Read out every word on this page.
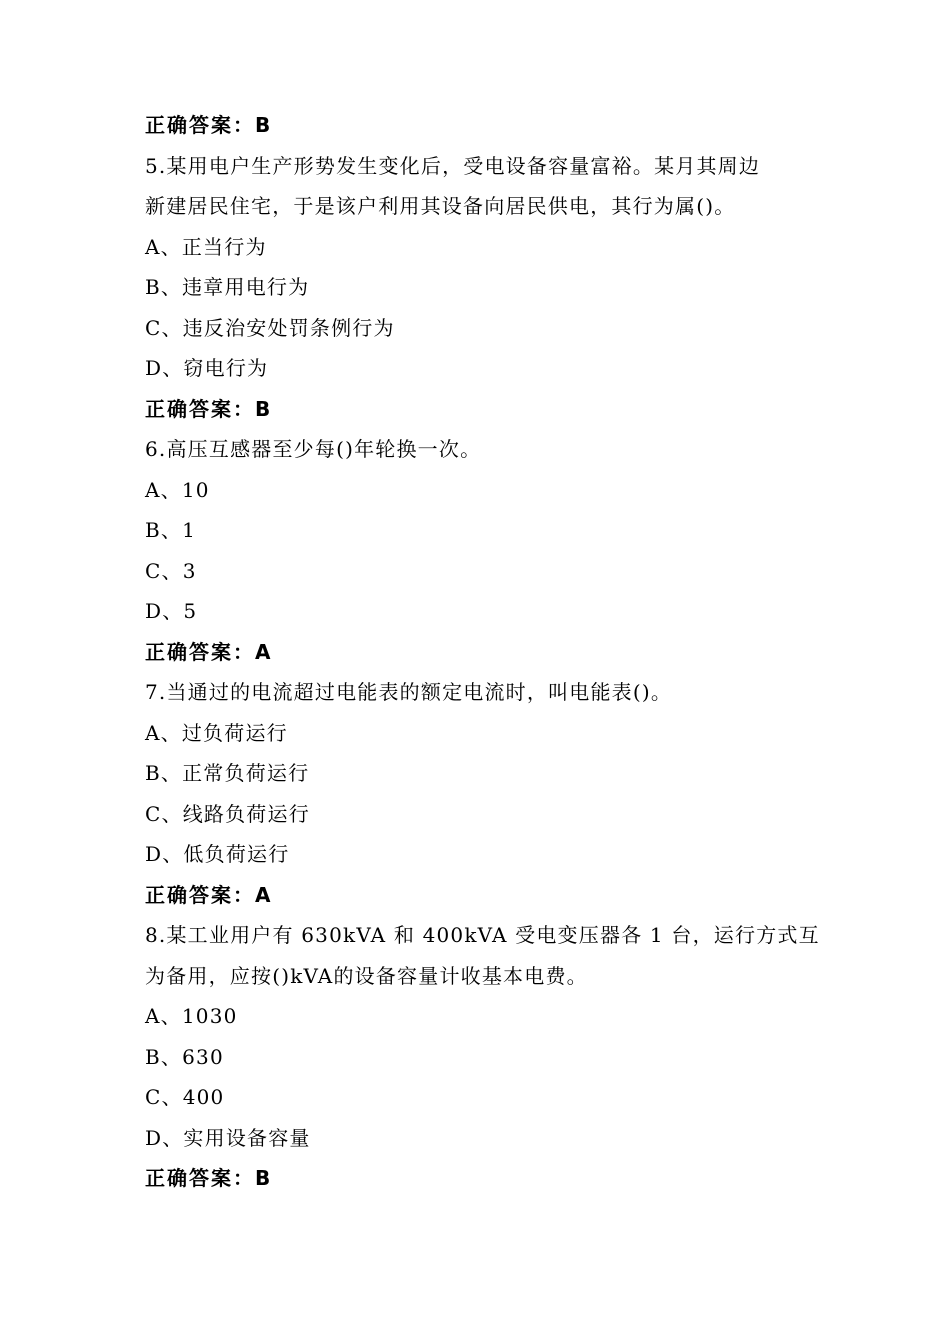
正确答案：B
5.某用电户生产形势发生变化后，受电设备容量富裕。某月其周边
新建居民住宅，于是该户利用其设备向居民供电，其行为属()。
A、正当行为
B、违章用电行为
C、违反治安处罚条例行为
D、窃电行为
正确答案：B
6.高压互感器至少每()年轮换一次。
A、10
B、1
C、3
D、5
正确答案：A
7.当通过的电流超过电能表的额定电流时，叫电能表()。
A、过负荷运行
B、正常负荷运行
C、线路负荷运行
D、低负荷运行
正确答案：A
8.某工业用户有 630kVA 和 400kVA 受电变压器各 1 台，运行方式互
为备用，应按()kVA的设备容量计收基本电费。
A、1030
B、630
C、400
D、实用设备容量
正确答案：B
